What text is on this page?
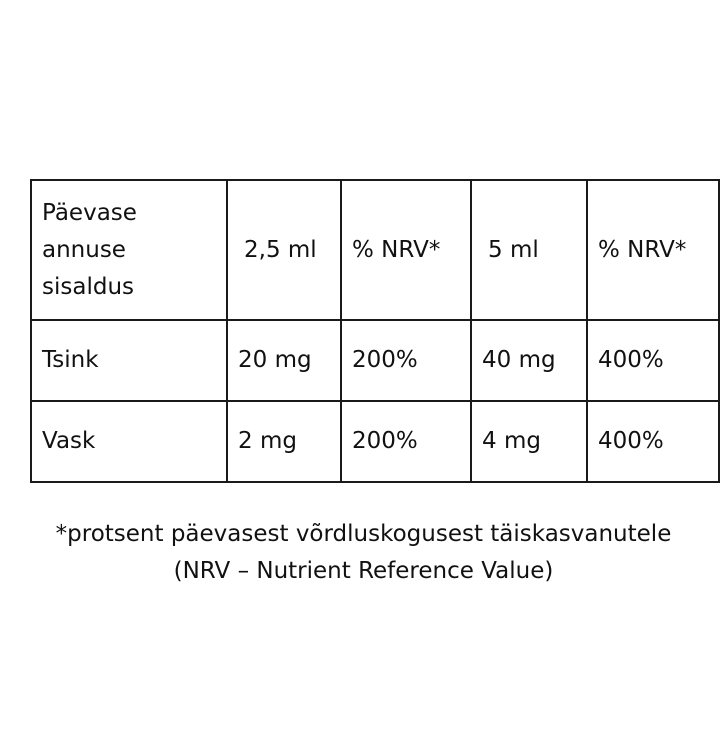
Päevase
annuse
sisaldus	2,5 ml	% NRV*	5 ml	% NRV*
Tsink	20 mg	200%	40 mg	400%
Vask	2 mg	200%	4 mg	400%
*protsent päevasest võrdluskogusest täiskasvanutele
(NRV – Nutrient Reference Value)
